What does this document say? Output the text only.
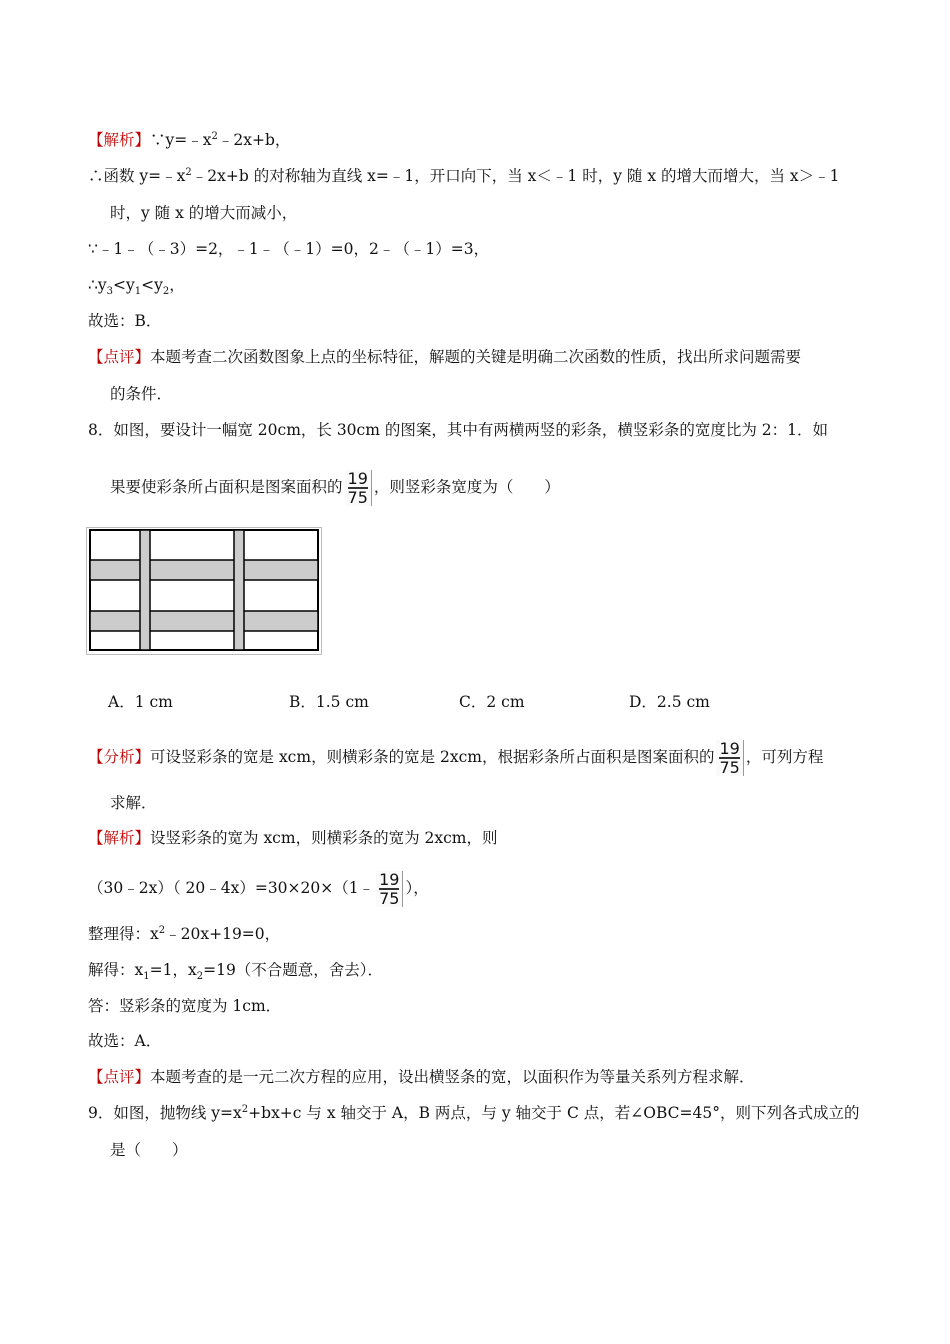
【解析】$\because y=﹣x^2﹣2x+b$，
∴函数 $y=﹣x^2﹣2x+b$ 的对称轴为直线 x=﹣1，开口向下，当 x＜﹣1 时，y 随 x 的增大而增大，当 x＞﹣1
时，y 随 x 的增大而减小，
∵﹣1﹣（﹣3）=2，﹣1﹣（﹣1）=0，2﹣（﹣1）=3，
$\therefore y_3<y_1<y_2$，
故选：B．
【点评】本题考查二次函数图象上点的坐标特征，解题的关键是明确二次函数的性质，找出所求问题需要
的条件．
8．如图，要设计一幅宽 20cm，长 30cm 的图案，其中有两横两竖的彩条，横竖彩条的宽度比为 2：1．如
果要使彩条所占面积是图案面积的 $\frac{19}{75}$ ，则竖彩条宽度为（　　）
A．1 cm	B．1.5 cm	C．2 cm	D．2.5 cm
【分析】可设竖彩条的宽是 xcm，则横彩条的宽是 2xcm，根据彩条所占面积是图案面积的 $\frac{19}{75}$ ，可列方程
求解．
【解析】设竖彩条的宽为 xcm，则横彩条的宽为 2xcm，则
（30﹣2x）（ 20﹣4x）=30×20×（1﹣ $\frac{19}{75}$ ），
整理得：$x^2﹣20x+19=0$，
解得：$x_1=1$，$x_2=19$（不合题意，舍去）．
答：竖彩条的宽度为 1cm．
故选：A．
【点评】本题考查的是一元二次方程的应用，设出横竖条的宽，以面积作为等量关系列方程求解．
9．如图，抛物线 $y=x^2+bx+c$ 与 x 轴交于 A，B 两点，与 y 轴交于 C 点，若∠OBC=45°，则下列各式成立的
是（　　）
